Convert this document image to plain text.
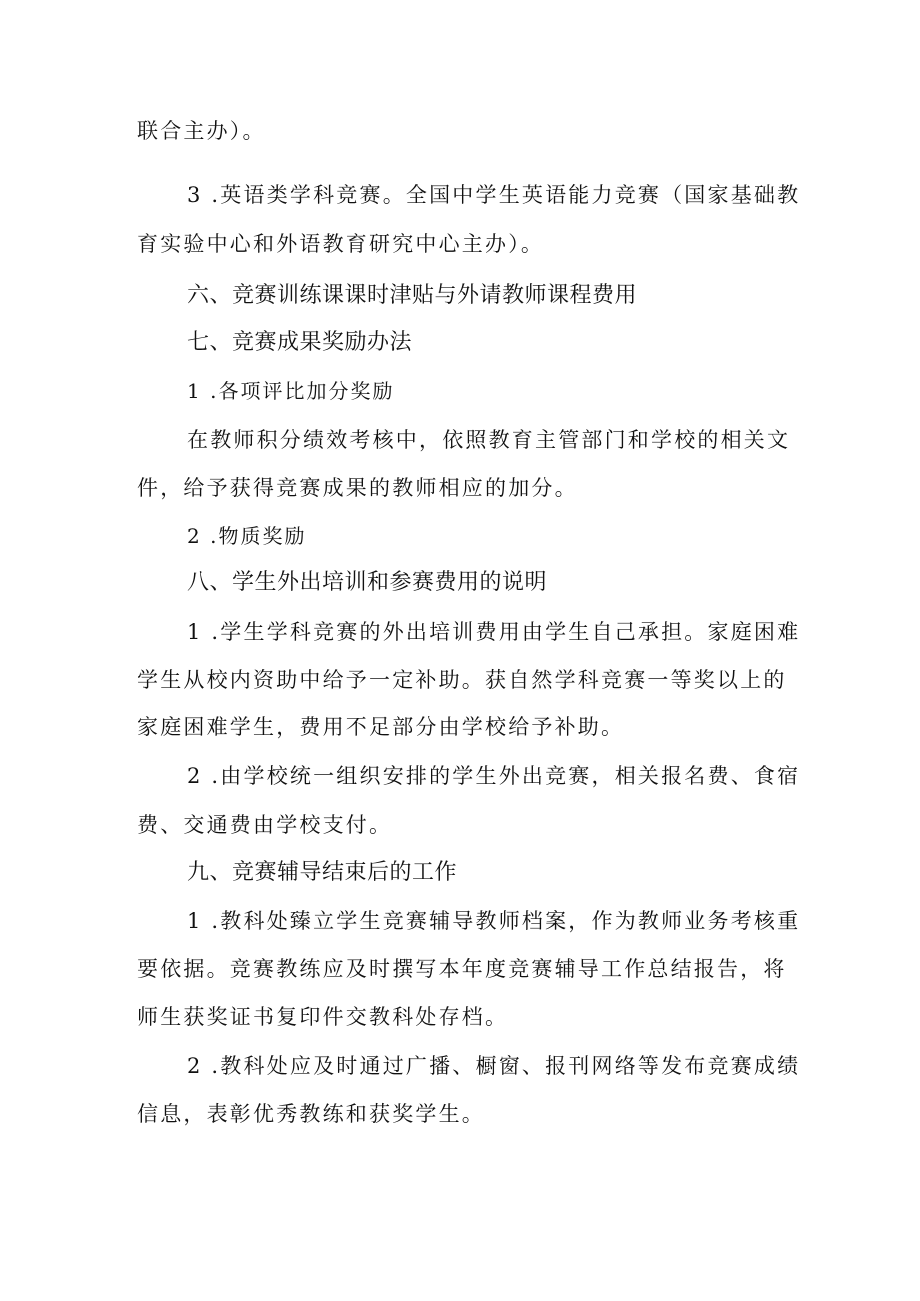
联合主办）。
3 .英语类学科竞赛。全国中学生英语能力竞赛（国家基础教
育实验中心和外语教育研究中心主办）。
六、竞赛训练课课时津贴与外请教师课程费用
七、竞赛成果奖励办法
1 .各项评比加分奖励
在教师积分绩效考核中，依照教育主管部门和学校的相关文
件，给予获得竞赛成果的教师相应的加分。
2 .物质奖励
八、学生外出培训和参赛费用的说明
1 .学生学科竞赛的外出培训费用由学生自己承担。家庭困难
学生从校内资助中给予一定补助。获自然学科竞赛一等奖以上的
家庭困难学生，费用不足部分由学校给予补助。
2 .由学校统一组织安排的学生外出竞赛，相关报名费、食宿
费、交通费由学校支付。
九、竞赛辅导结束后的工作
1 .教科处臻立学生竞赛辅导教师档案，作为教师业务考核重
要依据。竞赛教练应及时撰写本年度竞赛辅导工作总结报告，将
师生获奖证书复印件交教科处存档。
2 .教科处应及时通过广播、橱窗、报刊网络等发布竞赛成绩
信息，表彰优秀教练和获奖学生。
